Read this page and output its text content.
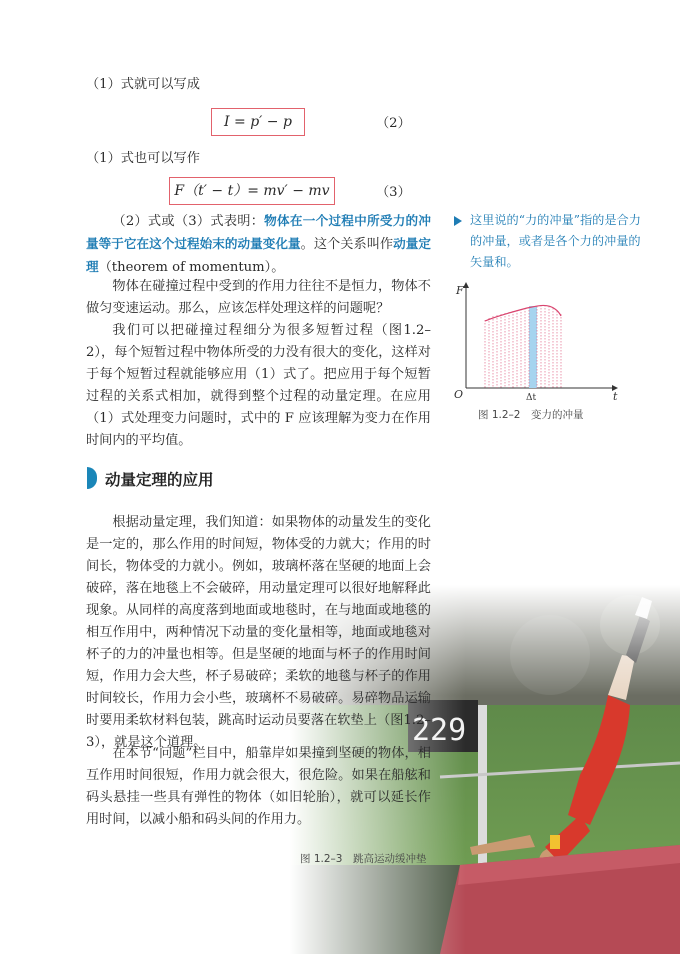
（1）式就可以写成
I = p′ − p	（2）
（1）式也可以写作
F（t′ − t）= mv′ − mv	（3）

（2）式或（3）式表明：物体在一个过程中所受力的冲量等于它在这个过程始末的动量变化量。这个关系叫作动量定理（theorem of momentum）。

物体在碰撞过程中受到的作用力往往不是恒力，物体不做匀变速运动。那么，应该怎样处理这样的问题呢？

我们可以把碰撞过程细分为很多短暂过程（图1.2–2），每个短暂过程中物体所受的力没有很大的变化，这样对于每个短暂过程就能够应用（1）式了。把应用于每个短暂过程的关系式相加，就得到整个过程的动量定理。在应用（1）式处理变力问题时，式中的 F 应该理解为变力在作用时间内的平均值。

这里说的“力的冲量”指的是合力的冲量，或者是各个力的冲量的矢量和。
F
O	t
Δt
图 1.2–2　变力的冲量
动量定理的应用

根据动量定理，我们知道：如果物体的动量发生的变化是一定的，那么作用的时间短，物体受的力就大；作用的时间长，物体受的力就小。例如，玻璃杯落在坚硬的地面上会破碎，落在地毯上不会破碎，用动量定理可以很好地解释此现象。从同样的高度落到地面或地毯时，在与地面或地毯的相互作用中，两种情况下动量的变化量相等，地面或地毯对杯子的力的冲量也相等。但是坚硬的地面与杯子的作用时间短，作用力会大些，杯子易破碎；柔软的地毯与杯子的作用时间较长，作用力会小些，玻璃杯不易破碎。易碎物品运输时要用柔软材料包装，跳高时运动员要落在软垫上（图1.2–3），就是这个道理。

在本节“问题”栏目中，船靠岸如果撞到坚硬的物体，相互作用时间很短，作用力就会很大，很危险。如果在船舷和码头悬挂一些具有弹性的物体（如旧轮胎），就可以延长作用时间，以减小船和码头间的作用力。

图 1.2–3　跳高运动缓冲垫
